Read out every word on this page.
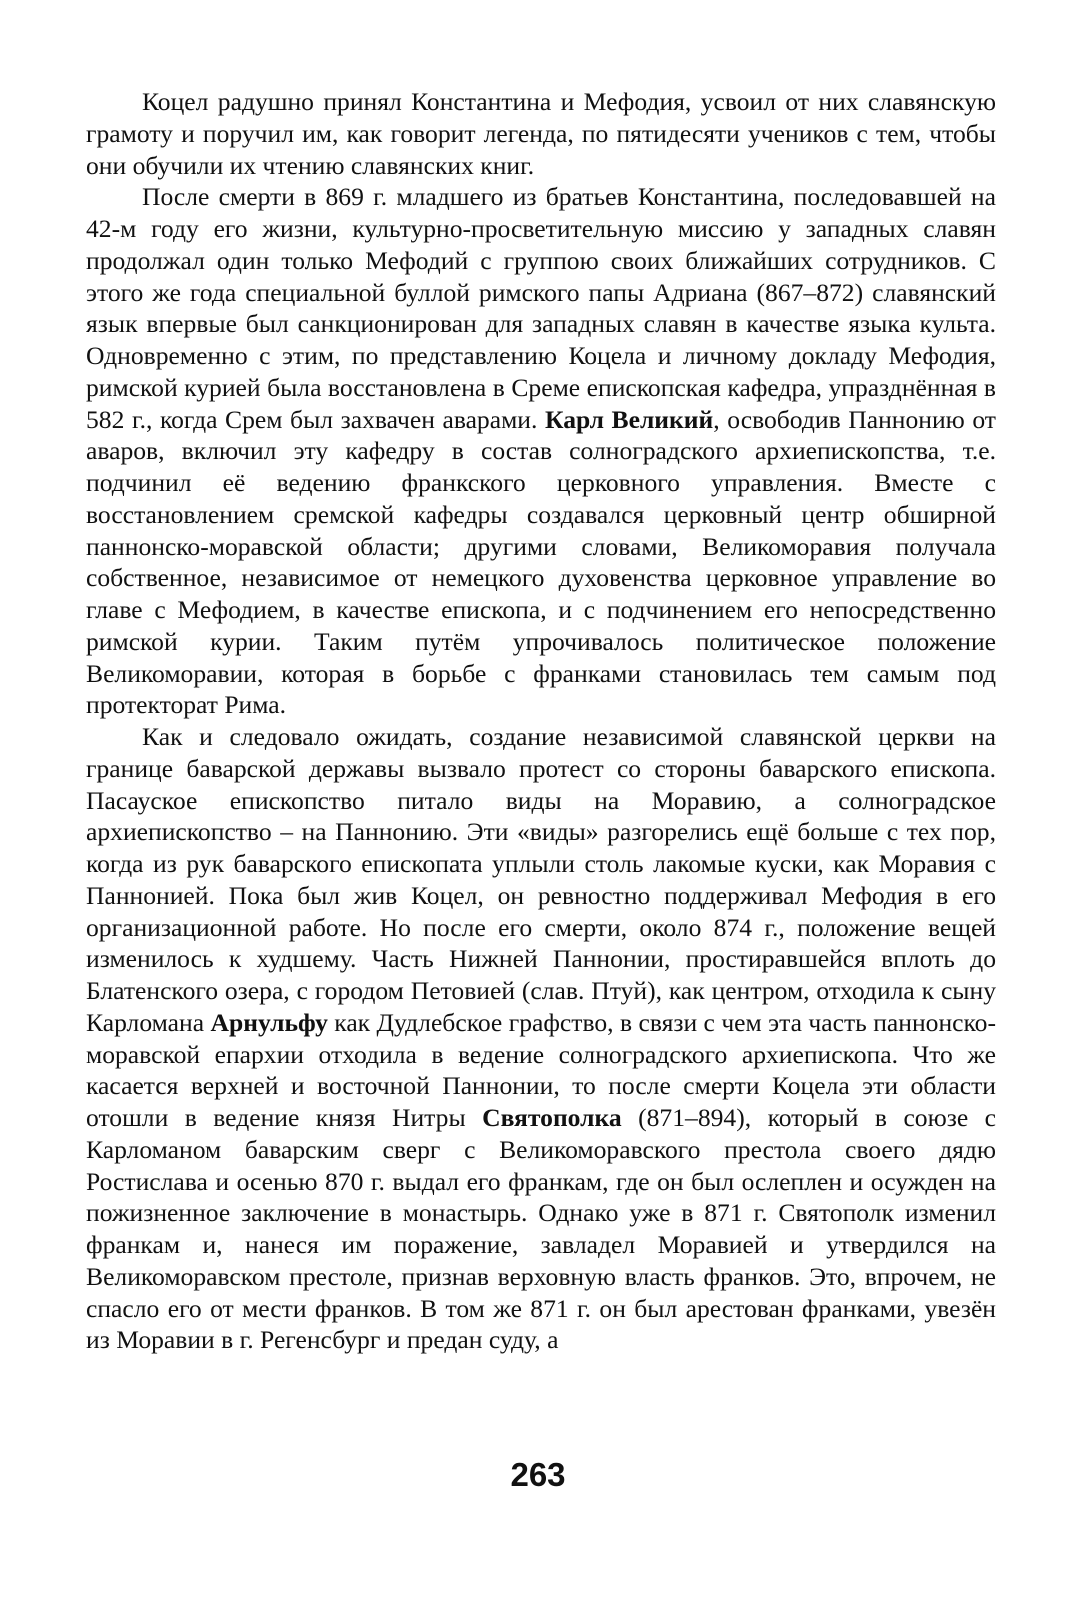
Коцел радушно принял Константина и Мефодия, усвоил от них славянскую грамоту и поручил им, как говорит легенда, по пятидесяти учеников с тем, чтобы они обучили их чтению славянских книг.

После смерти в 869 г. младшего из братьев Константина, последовавшей на 42-м году его жизни, культурно-просветительную миссию у западных славян продолжал один только Мефодий с группою своих ближайших сотрудников. С этого же года специальной буллой римского папы Адриана (867–872) славянский язык впервые был санкционирован для западных славян в качестве языка культа. Одновременно с этим, по представлению Коцела и личному докладу Мефодия, римской курией была восстановлена в Среме епископская кафедра, упразднённая в 582 г., когда Срем был захвачен аварами. Карл Великий, освободив Паннонию от аваров, включил эту кафедру в состав солноградского архиепископства, т.е. подчинил её ведению франкского церковного управления. Вместе с восстановлением сремской кафедры создавался церковный центр обширной паннонско-моравской области; другими словами, Великоморавия получала собственное, независимое от немецкого духовенства церковное управление во главе с Мефодием, в качестве епископа, и с подчинением его непосредственно римской курии. Таким путём упрочивалось политическое положение Великоморавии, которая в борьбе с франками становилась тем самым под протекторат Рима.

Как и следовало ожидать, создание независимой славянской церкви на границе баварской державы вызвало протест со стороны баварского епископа. Пасауское епископство питало виды на Моравию, а солноградское архиепископство – на Паннонию. Эти «виды» разгорелись ещё больше с тех пор, когда из рук баварского епископата уплыли столь лакомые куски, как Моравия с Паннонией. Пока был жив Коцел, он ревностно поддерживал Мефодия в его организационной работе. Но после его смерти, около 874 г., положение вещей изменилось к худшему. Часть Нижней Паннонии, простиравшейся вплоть до Блатенского озера, с городом Петовией (слав. Птуй), как центром, отходила к сыну Карломана Арнульфу как Дудлебское графство, в связи с чем эта часть паннонско-моравской епархии отходила в ведение солноградского архиепископа. Что же касается верхней и восточной Паннонии, то после смерти Коцела эти области отошли в ведение князя Нитры Святополка (871–894), который в союзе с Карломаном баварским сверг с Великоморавского престола своего дядю Ростислава и осенью 870 г. выдал его франкам, где он был ослеплен и осужден на пожизненное заключение в монастырь. Однако уже в 871 г. Святополк изменил франкам и, нанеся им поражение, завладел Моравией и утвердился на Великоморавском престоле, признав верховную власть франков. Это, впрочем, не спасло его от мести франков. В том же 871 г. он был арестован франками, увезён из Моравии в г. Регенсбург и предан суду, а

263
